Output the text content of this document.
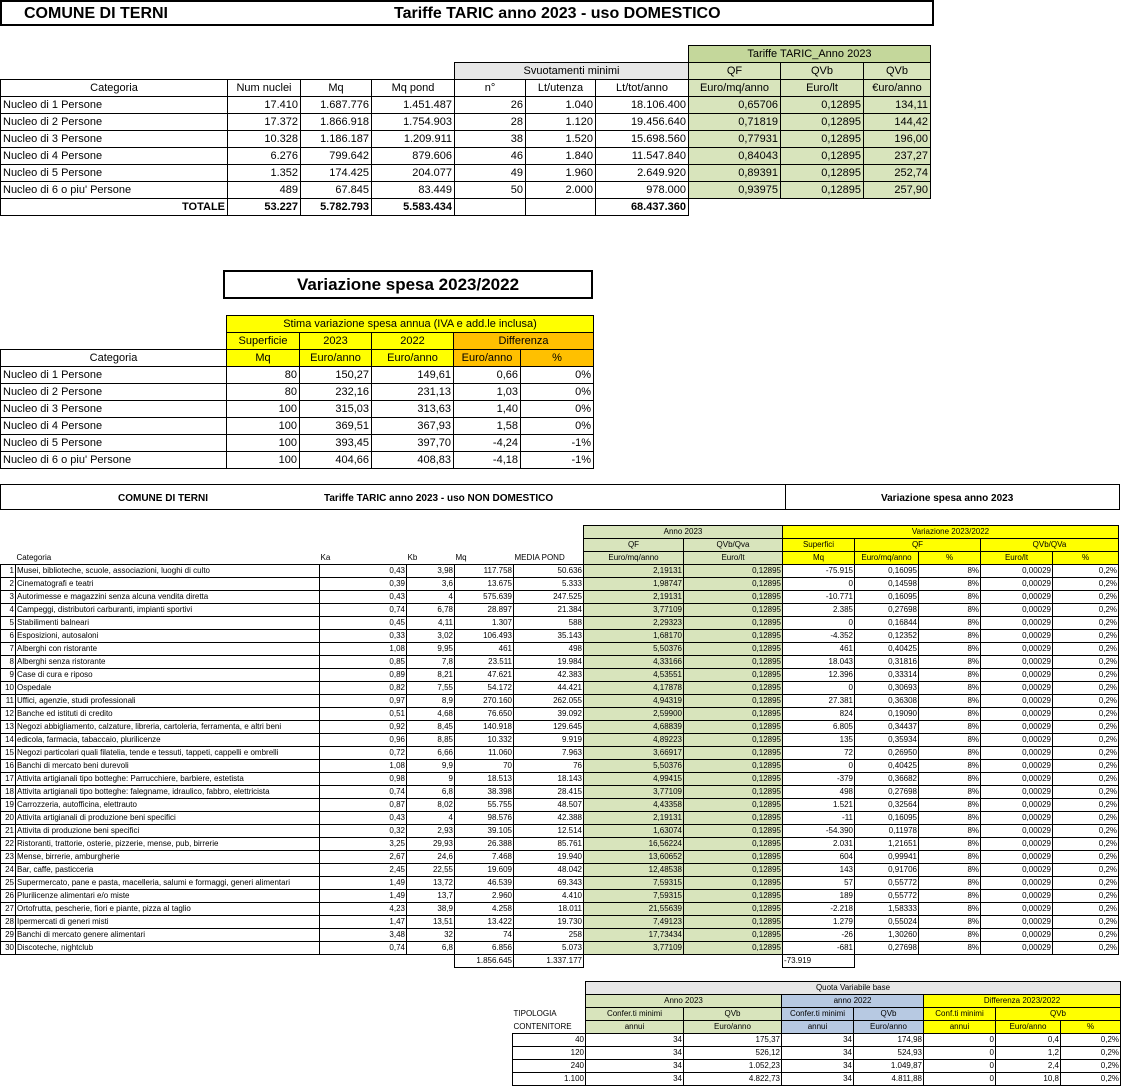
COMUNE DI TERNI	Tariffe TARIC anno 2023 - uso DOMESTICO
							Tariffe TARIC_Anno 2023		
				Svuotamenti minimi			QF	QVb	QVb
Categoria	Num nuclei	Mq	Mq pond	n°	Lt/utenza	Lt/tot/anno	Euro/mq/anno	Euro/lt	€uro/anno
Nucleo di 1 Persone	17.410	1.687.776	1.451.487	26	1.040	18.106.400	0,65706	0,12895	134,11
Nucleo di 2 Persone	17.372	1.866.918	1.754.903	28	1.120	19.456.640	0,71819	0,12895	144,42
Nucleo di 3 Persone	10.328	1.186.187	1.209.911	38	1.520	15.698.560	0,77931	0,12895	196,00
Nucleo di 4 Persone	6.276	799.642	879.606	46	1.840	11.547.840	0,84043	0,12895	237,27
Nucleo di 5 Persone	1.352	174.425	204.077	49	1.960	2.649.920	0,89391	0,12895	252,74
Nucleo di 6 o piu' Persone	489	67.845	83.449	50	2.000	978.000	0,93975	0,12895	257,90
TOTALE	53.227	5.782.793	5.583.434			68.437.360			
Variazione spesa 2023/2022
	Stima variazione spesa annua (IVA e add.le inclusa)				
	Superficie	2023	2022	Differenza	
Categoria	Mq	Euro/anno	Euro/anno	Euro/anno	%
Nucleo di 1 Persone	80	150,27	149,61	0,66	0%
Nucleo di 2 Persone	80	232,16	231,13	1,03	0%
Nucleo di 3 Persone	100	315,03	313,63	1,40	0%
Nucleo di 4 Persone	100	369,51	367,93	1,58	0%
Nucleo di 5 Persone	100	393,45	397,70	-4,24	-1%
Nucleo di 6 o piu' Persone	100	404,66	408,83	-4,18	-1%
COMUNE DI TERNI	Tariffe TARIC anno 2023 - uso NON DOMESTICO	Variazione spesa anno 2023
						Anno 2023		Variazione 2023/2022				
						QF	QVb/Qva	Superfici	QF		QVb/QVa	
	Categoria	Ka	Kb	Mq	MEDIA POND	Euro/mq/anno	Euro/lt	Mq	Euro/mq/anno	%	Euro/lt	%
1	Musei, biblioteche, scuole, associazioni, luoghi di culto	0,43	3,98	117.758	50.636	2,19131	0,12895	-75.915	0,16095	8%	0,00029	0,2%
2	Cinematografi e teatri	0,39	3,6	13.675	5.333	1,98747	0,12895	0	0,14598	8%	0,00029	0,2%
3	Autorimesse e magazzini senza alcuna vendita diretta	0,43	4	575.639	247.525	2,19131	0,12895	-10.771	0,16095	8%	0,00029	0,2%
4	Campeggi, distributori carburanti, impianti sportivi	0,74	6,78	28.897	21.384	3,77109	0,12895	2.385	0,27698	8%	0,00029	0,2%
5	Stabilimenti balneari	0,45	4,11	1.307	588	2,29323	0,12895	0	0,16844	8%	0,00029	0,2%
6	Esposizioni, autosaloni	0,33	3,02	106.493	35.143	1,68170	0,12895	-4.352	0,12352	8%	0,00029	0,2%
7	Alberghi con ristorante	1,08	9,95	461	498	5,50376	0,12895	461	0,40425	8%	0,00029	0,2%
8	Alberghi senza ristorante	0,85	7,8	23.511	19.984	4,33166	0,12895	18.043	0,31816	8%	0,00029	0,2%
9	Case di cura e riposo	0,89	8,21	47.621	42.383	4,53551	0,12895	12.396	0,33314	8%	0,00029	0,2%
10	Ospedale	0,82	7,55	54.172	44.421	4,17878	0,12895	0	0,30693	8%	0,00029	0,2%
11	Uffici, agenzie, studi professionali	0,97	8,9	270.160	262.055	4,94319	0,12895	27.381	0,36308	8%	0,00029	0,2%
12	Banche ed istituti di credito	0,51	4,68	76.650	39.092	2,59900	0,12895	824	0,19090	8%	0,00029	0,2%
13	Negozi abbigliamento, calzature, libreria, cartoleria, ferramenta, e altri beni	0,92	8,45	140.918	129.645	4,68839	0,12895	6.805	0,34437	8%	0,00029	0,2%
14	edicola, farmacia, tabaccaio, plurilicenze	0,96	8,85	10.332	9.919	4,89223	0,12895	135	0,35934	8%	0,00029	0,2%
15	Negozi particolari quali filatelia, tende e tessuti, tappeti, cappelli e ombrelli	0,72	6,66	11.060	7.963	3,66917	0,12895	72	0,26950	8%	0,00029	0,2%
16	Banchi di mercato beni durevoli	1,08	9,9	70	76	5,50376	0,12895	0	0,40425	8%	0,00029	0,2%
17	Attivita artigianali tipo botteghe: Parrucchiere, barbiere, estetista	0,98	9	18.513	18.143	4,99415	0,12895	-379	0,36682	8%	0,00029	0,2%
18	Attivita artigianali tipo botteghe: falegname, idraulico, fabbro, elettricista	0,74	6,8	38.398	28.415	3,77109	0,12895	498	0,27698	8%	0,00029	0,2%
19	Carrozzeria, autofficina, elettrauto	0,87	8,02	55.755	48.507	4,43358	0,12895	1.521	0,32564	8%	0,00029	0,2%
20	Attivita artigianali di produzione beni specifici	0,43	4	98.576	42.388	2,19131	0,12895	-11	0,16095	8%	0,00029	0,2%
21	Attivita di produzione beni specifici	0,32	2,93	39.105	12.514	1,63074	0,12895	-54.390	0,11978	8%	0,00029	0,2%
22	Ristoranti, trattorie, osterie, pizzerie, mense, pub, birrerie	3,25	29,93	26.388	85.761	16,56224	0,12895	2.031	1,21651	8%	0,00029	0,2%
23	Mense, birrerie, amburgherie	2,67	24,6	7.468	19.940	13,60652	0,12895	604	0,99941	8%	0,00029	0,2%
24	Bar, caffe, pasticceria	2,45	22,55	19.609	48.042	12,48538	0,12895	143	0,91706	8%	0,00029	0,2%
25	Supermercato, pane e pasta, macelleria, salumi e formaggi, generi alimentari	1,49	13,72	46.539	69.343	7,59315	0,12895	57	0,55772	8%	0,00029	0,2%
26	Plurilicenze alimentari e/o miste	1,49	13,7	2.960	4.410	7,59315	0,12895	189	0,55772	8%	0,00029	0,2%
27	Ortofrutta, pescherie, fiori e piante, pizza al taglio	4,23	38,9	4.258	18.011	21,55639	0,12895	-2.218	1,58333	8%	0,00029	0,2%
28	Ipermercati di generi misti	1,47	13,51	13.422	19.730	7,49123	0,12895	1.279	0,55024	8%	0,00029	0,2%
29	Banchi di mercato genere alimentari	3,48	32	74	258	17,73434	0,12895	-26	1,30260	8%	0,00029	0,2%
30	Discoteche, nightclub	0,74	6,8	6.856	5.073	3,77109	0,12895	-681	0,27698	8%	0,00029	0,2%
				1.856.645	1.337.177			-73.919				
	Quota Variabile base						
	Anno 2023		anno 2022		Differenza 2023/2022		
TIPOLOGIA	Confer.ti minimi	QVb	Confer.ti minimi	QVb	Conf.ti minimi	QVb	
CONTENITORE	annui	Euro/anno	annui	Euro/anno	annui	Euro/anno	%
40	34	175,37	34	174,98	0	0,4	0,2%
120	34	526,12	34	524,93	0	1,2	0,2%
240	34	1.052,23	34	1.049,87	0	2,4	0,2%
1.100	34	4.822,73	34	4.811,88	0	10,8	0,2%
